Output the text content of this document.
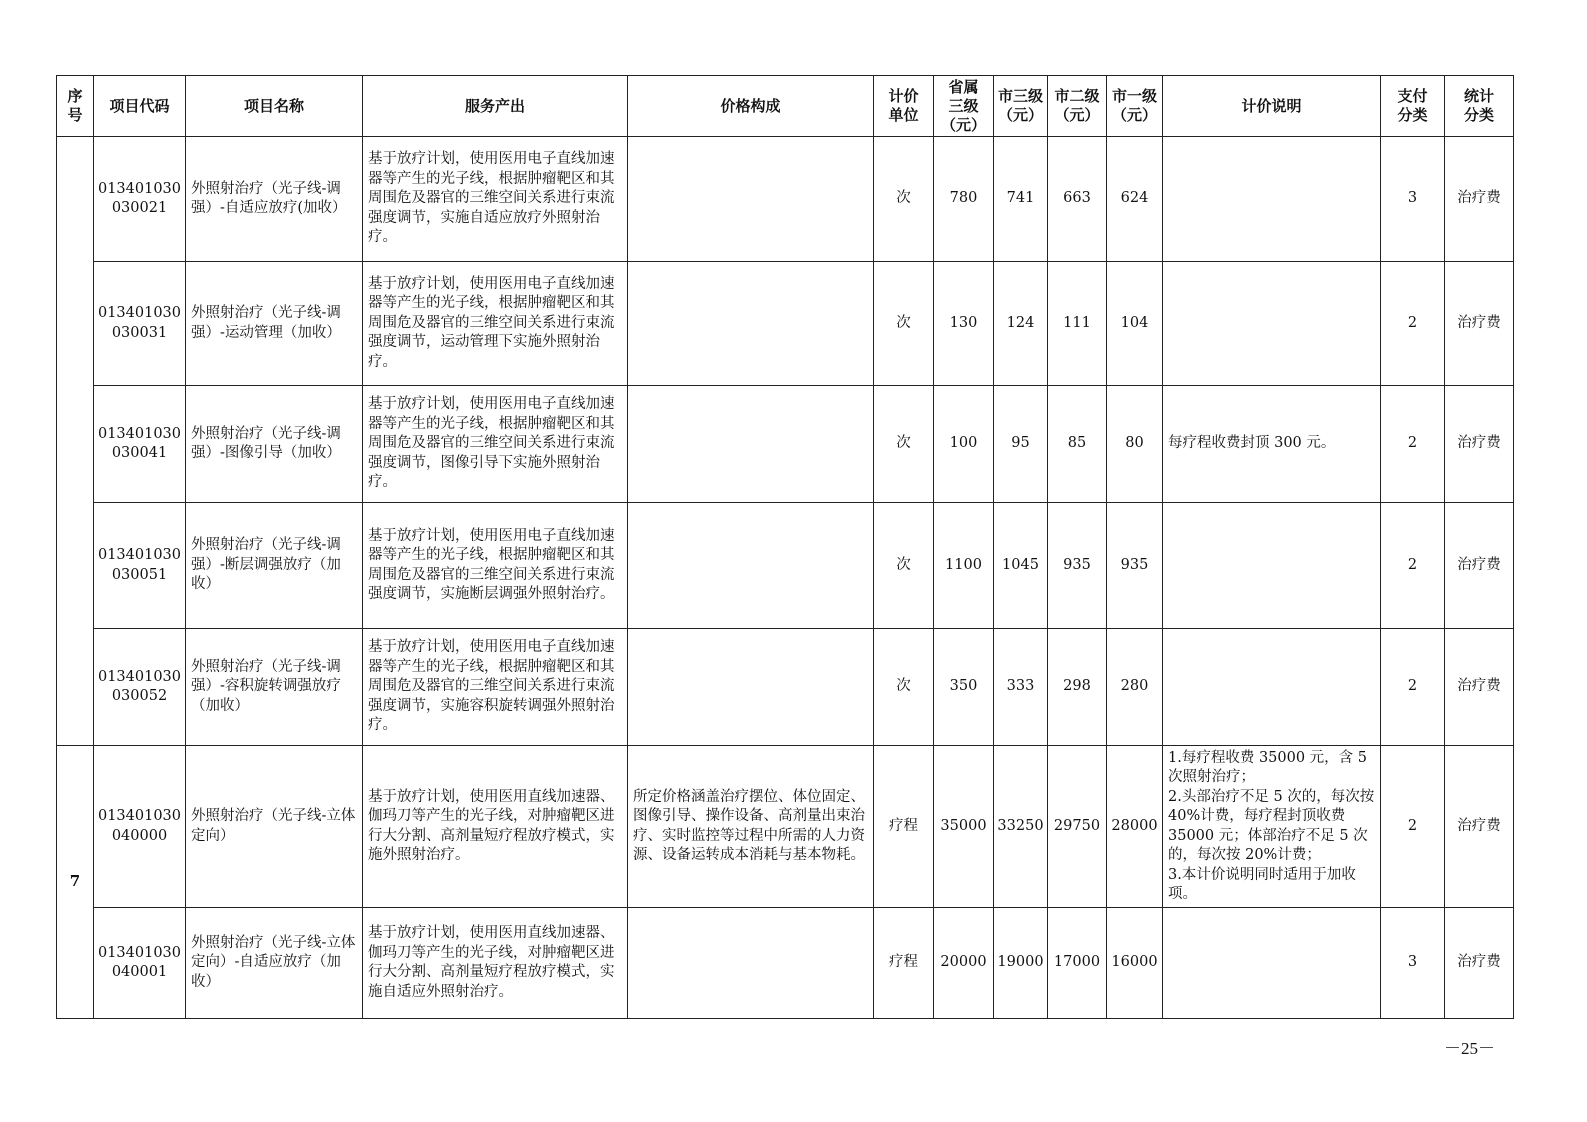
序
号	项目代码	项目名称	服务产出	价格构成	计价
单位	省属
三级
（元）	市三级
（元）	市二级
（元）	市一级
（元）	计价说明	支付
分类	统计
分类
	013401030
030021	外照射治疗（光子线-调强）-自适应放疗(加收）	基于放疗计划，使用医用电子直线加速器等产生的光子线，根据肿瘤靶区和其周围危及器官的三维空间关系进行束流强度调节，实施自适应放疗外照射治疗。		次	780	741	663	624		3	治疗费
	013401030
030031	外照射治疗（光子线-调强）-运动管理（加收）	基于放疗计划，使用医用电子直线加速器等产生的光子线，根据肿瘤靶区和其周围危及器官的三维空间关系进行束流强度调节，运动管理下实施外照射治疗。		次	130	124	111	104		2	治疗费
	013401030
030041	外照射治疗（光子线-调强）-图像引导（加收）	基于放疗计划，使用医用电子直线加速器等产生的光子线，根据肿瘤靶区和其周围危及器官的三维空间关系进行束流强度调节，图像引导下实施外照射治疗。		次	100	95	85	80	每疗程收费封顶 300 元。	2	治疗费
	013401030
030051	外照射治疗（光子线-调强）-断层调强放疗（加收）	基于放疗计划，使用医用电子直线加速器等产生的光子线，根据肿瘤靶区和其周围危及器官的三维空间关系进行束流强度调节，实施断层调强外照射治疗。		次	1100	1045	935	935		2	治疗费
	013401030
030052	外照射治疗（光子线-调强）-容积旋转调强放疗（加收）	基于放疗计划，使用医用电子直线加速器等产生的光子线，根据肿瘤靶区和其周围危及器官的三维空间关系进行束流强度调节，实施容积旋转调强外照射治疗。		次	350	333	298	280		2	治疗费
7	013401030
040000	外照射治疗（光子线-立体定向）	基于放疗计划，使用医用直线加速器、伽玛刀等产生的光子线，对肿瘤靶区进行大分割、高剂量短疗程放疗模式，实施外照射治疗。	所定价格涵盖治疗摆位、体位固定、图像引导、操作设备、高剂量出束治疗、实时监控等过程中所需的人力资源、设备运转成本消耗与基本物耗。	疗程	35000	33250	29750	28000	1.每疗程收费 35000 元，含 5 次照射治疗；
2.头部治疗不足 5 次的，每次按 40%计费，每疗程封顶收费 35000 元；体部治疗不足 5 次的，每次按 20%计费；
3.本计价说明同时适用于加收项。	2	治疗费
	013401030
040001	外照射治疗（光子线-立体定向）-自适应放疗（加收）	基于放疗计划，使用医用直线加速器、伽玛刀等产生的光子线，对肿瘤靶区进行大分割、高剂量短疗程放疗模式，实施自适应外照射治疗。		疗程	20000	19000	17000	16000		3	治疗费
－25－
